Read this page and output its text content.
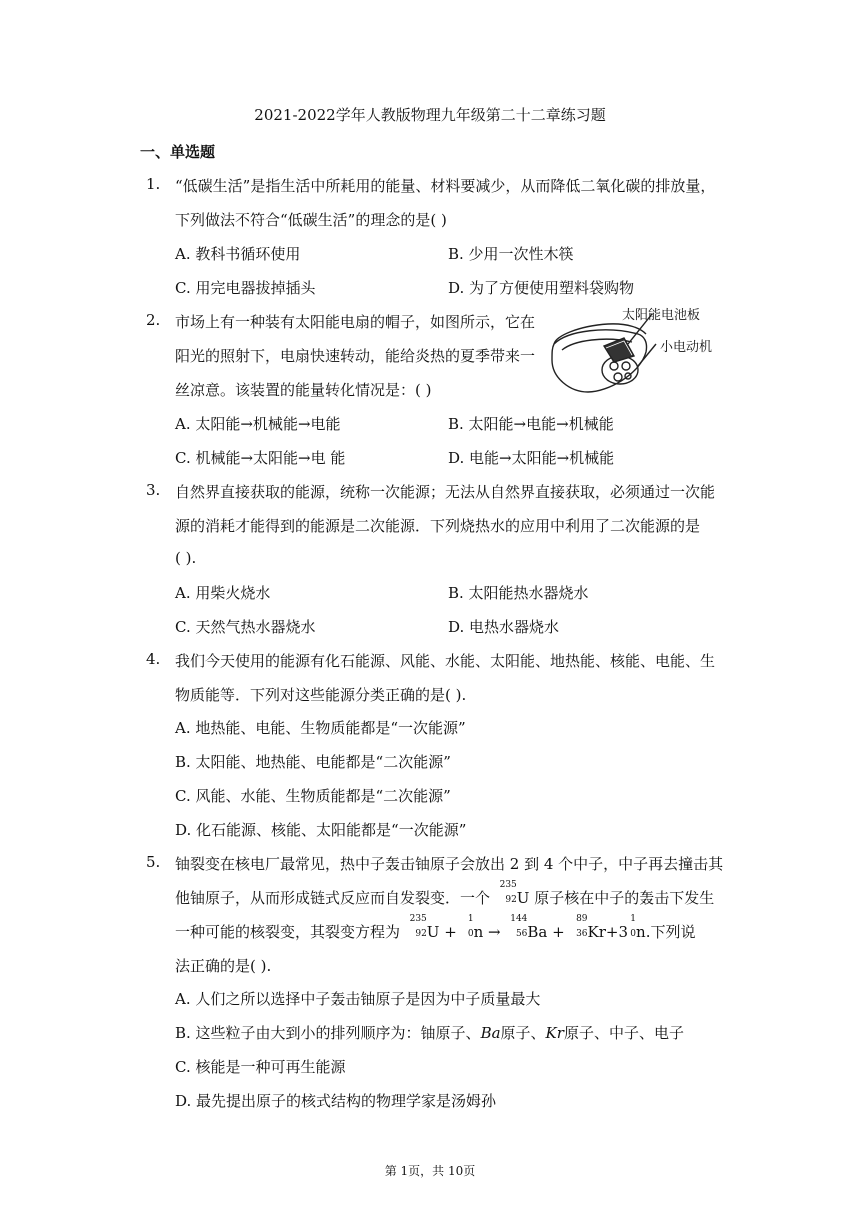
2021-2022学年人教版物理九年级第二十二章练习题
一、单选题
1. “低碳生活”是指生活中所耗用的能量、材料要减少，从而降低二氧化碳的排放量，
下列做法不符合“低碳生活”的理念的是( )
A. 教科书循环使用	B. 少用一次性木筷
C. 用完电器拔掉插头	D. 为了方便使用塑料袋购物
2. 市场上有一种装有太阳能电扇的帽子，如图所示，它在
阳光的照射下，电扇快速转动，能给炎热的夏季带来一
丝凉意。该装置的能量转化情况是：( )
太阳能电池板
小电动机
A. 太阳能→机械能→电能	B. 太阳能→电能→机械能
C. 机械能→太阳能→电 能	D. 电能→太阳能→机械能
3. 自然界直接获取的能源，统称一次能源；无法从自然界直接获取，必须通过一次能
源的消耗才能得到的能源是二次能源．下列烧热水的应用中利用了二次能源的是
( ).
A. 用柴火烧水	B. 太阳能热水器烧水
C. 天然气热水器烧水	D. 电热水器烧水
4. 我们今天使用的能源有化石能源、风能、水能、太阳能、地热能、核能、电能、生
物质能等．下列对这些能源分类正确的是( ).
A. 地热能、电能、生物质能都是“一次能源”
B. 太阳能、地热能、电能都是“二次能源”
C. 风能、水能、生物质能都是“二次能源”
D. 化石能源、核能、太阳能都是“一次能源”
5. 铀裂变在核电厂最常见，热中子轰击铀原子会放出 2 到 4 个中子，中子再去撞击其
他铀原子，从而形成链式反应而自发裂变．一个
235
92 U 原子核在中子的轰击下发生
一种可能的核裂变，其裂变方程为
235
92 U +
1
0 n →
144
56 Ba +
89
36 Kr+3
1
0 n.下列说
法正确的是( ).
A. 人们之所以选择中子轰击铀原子是因为中子质量最大
B. 这些粒子由大到小的排列顺序为：铀原子、Ba原子、Kr原子、中子、电子
C. 核能是一种可再生能源
D. 最先提出原子的核式结构的物理学家是汤姆孙
第 1页，共 10页
